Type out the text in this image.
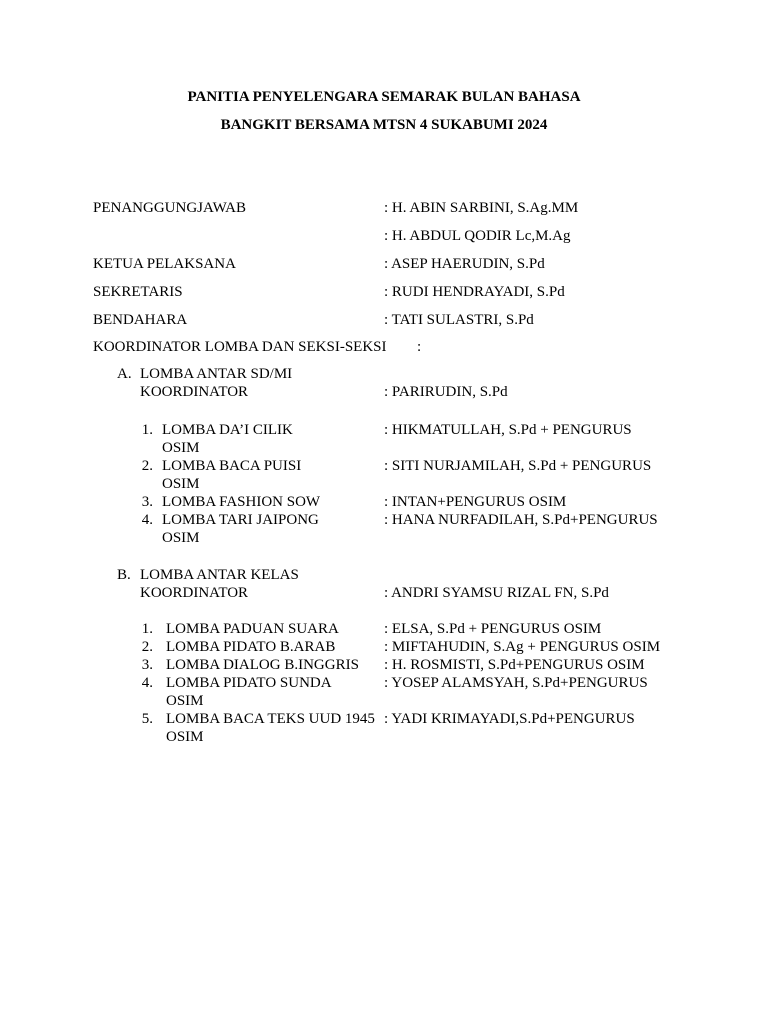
PANITIA PENYELENGARA SEMARAK BULAN BAHASA
BANGKIT BERSAMA MTSN 4 SUKABUMI 2024
PENANGGUNGJAWAB	: H. ABIN SARBINI, S.Ag.MM
: H. ABDUL QODIR Lc,M.Ag
KETUA PELAKSANA	: ASEP HAERUDIN, S.Pd
SEKRETARIS	: RUDI HENDRAYADI, S.Pd
BENDAHARA	: TATI SULASTRI, S.Pd
KOORDINATOR LOMBA DAN SEKSI-SEKSI :
A. LOMBA ANTAR SD/MI
KOORDINATOR	: PARIRUDIN, S.Pd
1. LOMBA DA’I CILIK	: HIKMATULLAH, S.Pd + PENGURUS
OSIM
2. LOMBA BACA PUISI	: SITI NURJAMILAH, S.Pd + PENGURUS
OSIM
3. LOMBA FASHION SOW	: INTAN+PENGURUS OSIM
4. LOMBA TARI JAIPONG	: HANA NURFADILAH, S.Pd+PENGURUS
OSIM
B. LOMBA ANTAR KELAS
KOORDINATOR	: ANDRI SYAMSU RIZAL FN, S.Pd
1. LOMBA PADUAN SUARA	: ELSA, S.Pd + PENGURUS OSIM
2. LOMBA PIDATO B.ARAB	: MIFTAHUDIN, S.Ag + PENGURUS OSIM
3. LOMBA DIALOG B.INGGRIS : H. ROSMISTI, S.Pd+PENGURUS OSIM
4. LOMBA PIDATO SUNDA	: YOSEP ALAMSYAH, S.Pd+PENGURUS
OSIM
5. LOMBA BACA TEKS UUD 1945 : YADI KRIMAYADI,S.Pd+PENGURUS
OSIM
